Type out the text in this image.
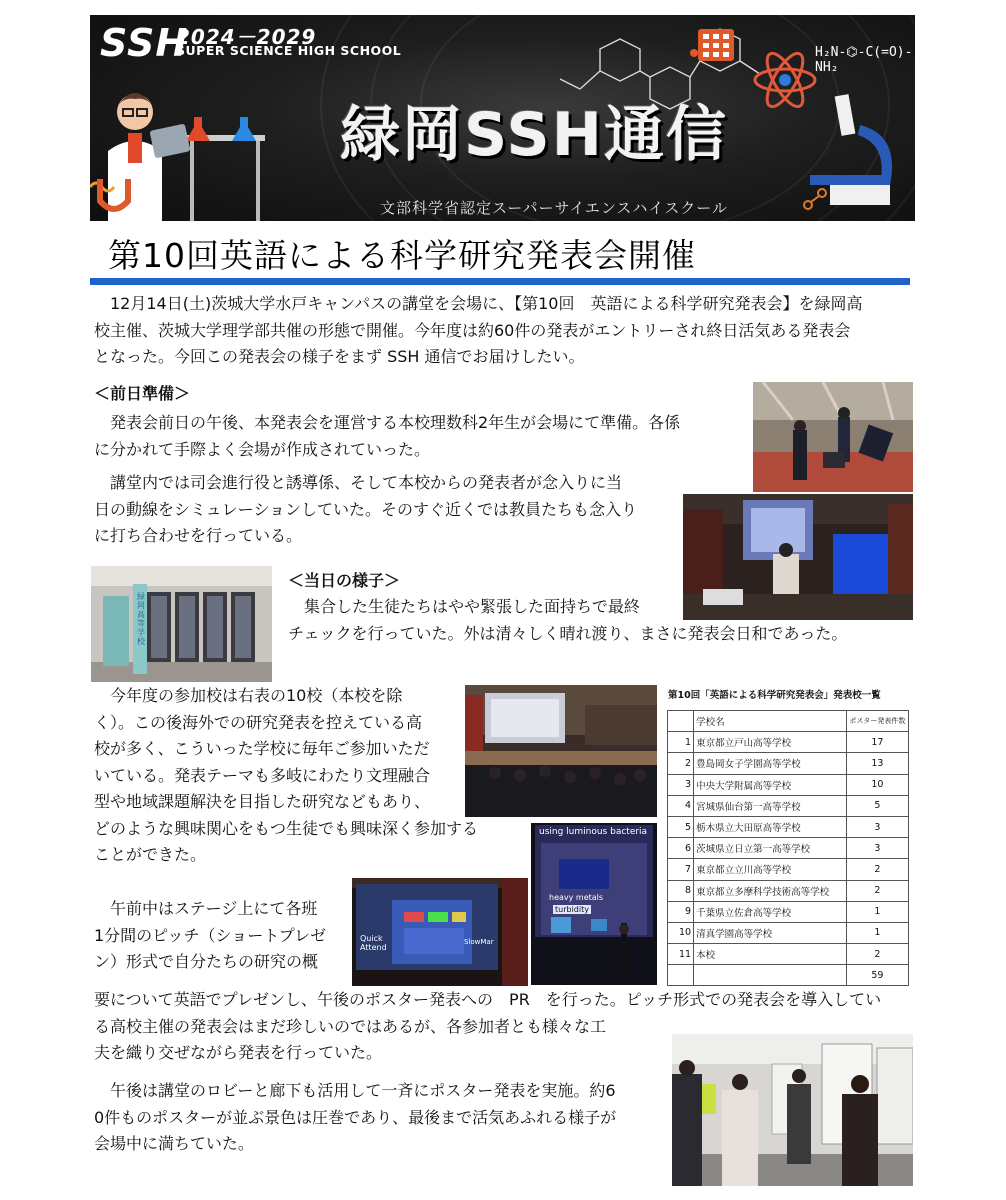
SSH
2024－2029
SUPER SCIENCE HIGH SCHOOL
緑岡SSH通信
文部科学省認定スーパーサイエンスハイスクール
H₂N-⌬-C(=O)-NH₂
第10回英語による科学研究発表会開催
12月14日(土)茨城大学水戸キャンパスの講堂を会場に、【第10回　英語による科学研究発表会】を緑岡高
校主催、茨城大学理学部共催の形態で開催。今年度は約60件の発表がエントリーされ終日活気ある発表会
となった。今回この発表会の様子をまず SSH 通信でお届けしたい。
＜前日準備＞
発表会前日の午後、本発表会を運営する本校理数科2年生が会場にて準備。各係
に分かれて手際よく会場が作成されていった。
講堂内では司会進行役と誘導係、そして本校からの発表者が念入りに当
日の動線をシミュレーションしていた。そのすぐ近くでは教員たちも念入り
に打ち合わせを行っている。
緑岡高等学校
＜当日の様子＞
集合した生徒たちはやや緊張した面持ちで最終
チェックを行っていた。外は清々しく晴れ渡り、まさに発表会日和であった。
今年度の参加校は右表の10校（本校を除
く）。この後海外での研究発表を控えている高
校が多く、こういった学校に毎年ご参加いただ
いている。発表テーマも多岐にわたり文理融合
型や地域課題解決を目指した研究などもあり、
どのような興味関心をもつ生徒でも興味深く参加する
ことができた。
第10回「英語による科学研究発表会」発表校一覧
	学校名	ポスター発表件数
1	東京都立戸山高等学校	17
2	豊島岡女子学園高等学校	13
3	中央大学附属高等学校	10
4	宮城県仙台第一高等学校	5
5	栃木県立大田原高等学校	3
6	茨城県立日立第一高等学校	3
7	東京都立立川高等学校	2
8	東京都立多摩科学技術高等学校	2
9	千葉県立佐倉高等学校	1
10	清真学園高等学校	1
11	本校	2
		59
using luminous bacteria
heavy metals
turbidity
Quick Attend
SlowMar
午前中はステージ上にて各班
1分間のピッチ（ショートプレゼ
ン）形式で自分たちの研究の概
要について英語でプレゼンし、午後のポスター発表への　PR　を行った。ピッチ形式での発表会を導入してい
る高校主催の発表会はまだ珍しいのではあるが、各参加者とも様々な工
夫を織り交ぜながら発表を行っていた。
午後は講堂のロビーと廊下も活用して一斉にポスター発表を実施。約6
0件ものポスターが並ぶ景色は圧巻であり、最後まで活気あふれる様子が
会場中に満ちていた。
